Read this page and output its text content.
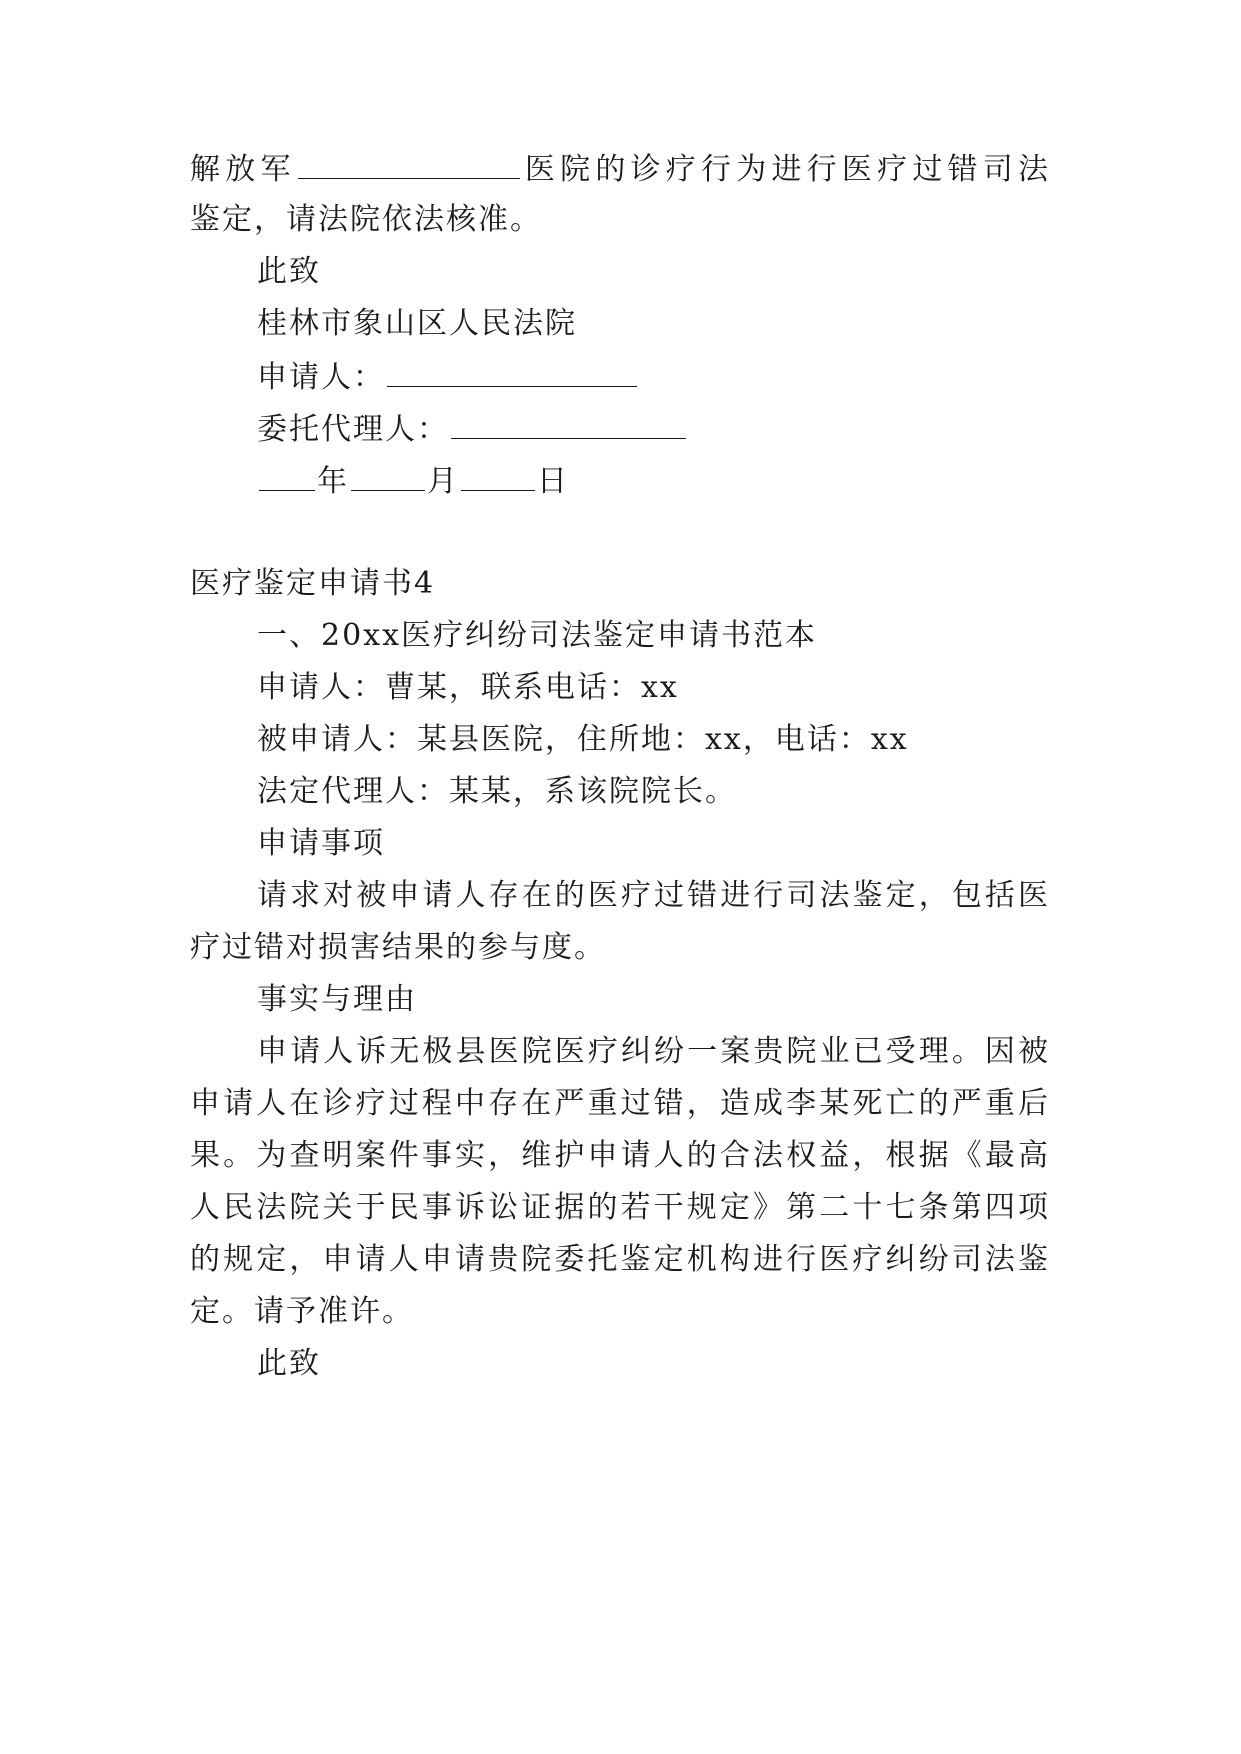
解放军	医院的诊疗行为进行医疗过错司法
鉴定，请法院依法核准。
此致
桂林市象山区人民法院
申请人：
委托代理人：
年	月	日
医疗鉴定申请书4
一、20xx医疗纠纷司法鉴定申请书范本
申请人：曹某，联系电话：xx
被申请人：某县医院，住所地：xx，电话：xx
法定代理人：某某，系该院院长。
申请事项
请求对被申请人存在的医疗过错进行司法鉴定，包括医
疗过错对损害结果的参与度。
事实与理由
申请人诉无极县医院医疗纠纷一案贵院业已受理。因被
申请人在诊疗过程中存在严重过错，造成李某死亡的严重后
果。为查明案件事实，维护申请人的合法权益，根据《最高
人民法院关于民事诉讼证据的若干规定》第二十七条第四项
的规定，申请人申请贵院委托鉴定机构进行医疗纠纷司法鉴
定。请予准许。
此致
